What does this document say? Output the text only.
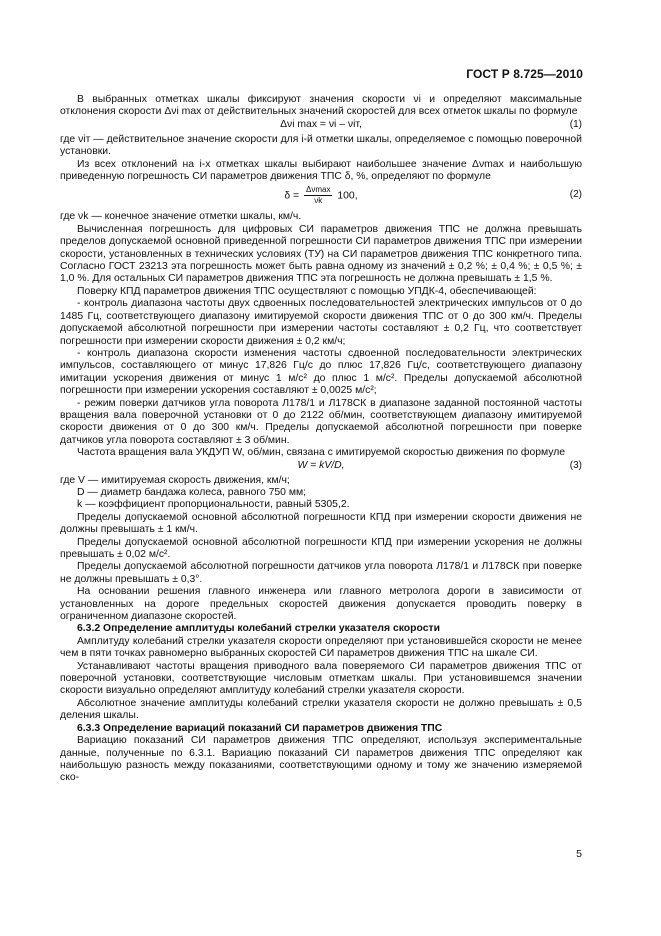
ГОСТ Р 8.725—2010

В выбранных отметках шкалы фиксируют значения скорости νi и определяют максимальные отклонения скорости Δνi max от действительных значений скоростей для всех отметок шкалы по формуле

Δνi max = νi – νiт,	(1)

где νiт — действительное значение скорости для i-й отметки шкалы, определяемое с помощью поверочной установки.

Из всех отклонений на i-х отметках шкалы выбирают наибольшее значение Δνmax и наибольшую приведенную погрешность СИ параметров движения ТПС δ, %, определяют по формуле

$\delta = \frac{\Delta\nu\max}{\nu k} 100$,	(2)

где νk — конечное значение отметки шкалы, км/ч.

Вычисленная погрешность для цифровых СИ параметров движения ТПС не должна превышать пределов допускаемой основной приведенной погрешности СИ параметров движения ТПС при измерении скорости, установленных в технических условиях (ТУ) на СИ параметров движения ТПС конкретного типа. Согласно ГОСТ 23213 эта погрешность может быть равна одному из значений ± 0,2 %; ± 0,4 %; ± 0,5 %; ± 1,0 %. Для остальных СИ параметров движения ТПС эта погрешность не должна превышать ± 1,5 %.

Поверку КПД параметров движения ТПС осуществляют с помощью УПДК-4, обеспечивающей:

- контроль диапазона частоты двух сдвоенных последовательностей электрических импульсов от 0 до 1485 Гц, соответствующего диапазону имитируемой скорости движения ТПС от 0 до 300 км/ч. Пределы допускаемой абсолютной погрешности при измерении частоты составляют ± 0,2 Гц, что соответствует погрешности при измерении скорости движения ± 0,2 км/ч;

- контроль диапазона скорости изменения частоты сдвоенной последовательности электрических импульсов, составляющего от минус 17,826 Гц/с до плюс 17,826 Гц/с, соответствующего диапазону имитации ускорения движения от минус 1 м/с² до плюс 1 м/с². Пределы допускаемой абсолютной погрешности при измерении ускорения составляют ± 0,0025 м/с²;

- режим поверки датчиков угла поворота Л178/1 и Л178СК в диапазоне заданной постоянной частоты вращения вала поверочной установки от 0 до 2122 об/мин, соответствующем диапазону имитируемой скорости движения от 0 до 300 км/ч. Пределы допускаемой абсолютной погрешности при поверке датчиков угла поворота составляют ± 3 об/мин.

Частота вращения вала УКДУП W, об/мин, связана с имитируемой скоростью движения по формуле

W = kV/D,	(3)

где V — имитируемая скорость движения, км/ч;

D — диаметр бандажа колеса, равного 750 мм;

k — коэффициент пропорциональности, равный 5305,2.

Пределы допускаемой основной абсолютной погрешности КПД при измерении скорости движения не должны превышать ± 1 км/ч.

Пределы допускаемой основной абсолютной погрешности КПД при измерении ускорения не должны превышать ± 0,02 м/с².

Пределы допускаемой абсолютной погрешности датчиков угла поворота Л178/1 и Л178СК при поверке не должны превышать ± 0,3°.

На основании решения главного инженера или главного метролога дороги в зависимости от установленных на дороге предельных скоростей движения допускается проводить поверку в ограниченном диапазоне скоростей.

6.3.2 Определение амплитуды колебаний стрелки указателя скорости

Амплитуду колебаний стрелки указателя скорости определяют при установившейся скорости не менее чем в пяти точках равномерно выбранных скоростей СИ параметров движения ТПС на шкале СИ.

Устанавливают частоты вращения приводного вала поверяемого СИ параметров движения ТПС от поверочной установки, соответствующие числовым отметкам шкалы. При установившемся значении скорости визуально определяют амплитуду колебаний стрелки указателя скорости.

Абсолютное значение амплитуды колебаний стрелки указателя скорости не должно превышать ± 0,5 деления шкалы.

6.3.3 Определение вариаций показаний СИ параметров движения ТПС

Вариацию показаний СИ параметров движения ТПС определяют, используя экспериментальные данные, полученные по 6.3.1. Вариацию показаний СИ параметров движения ТПС определяют как наибольшую разность между показаниями, соответствующими одному и тому же значению измеряемой ско-

5
